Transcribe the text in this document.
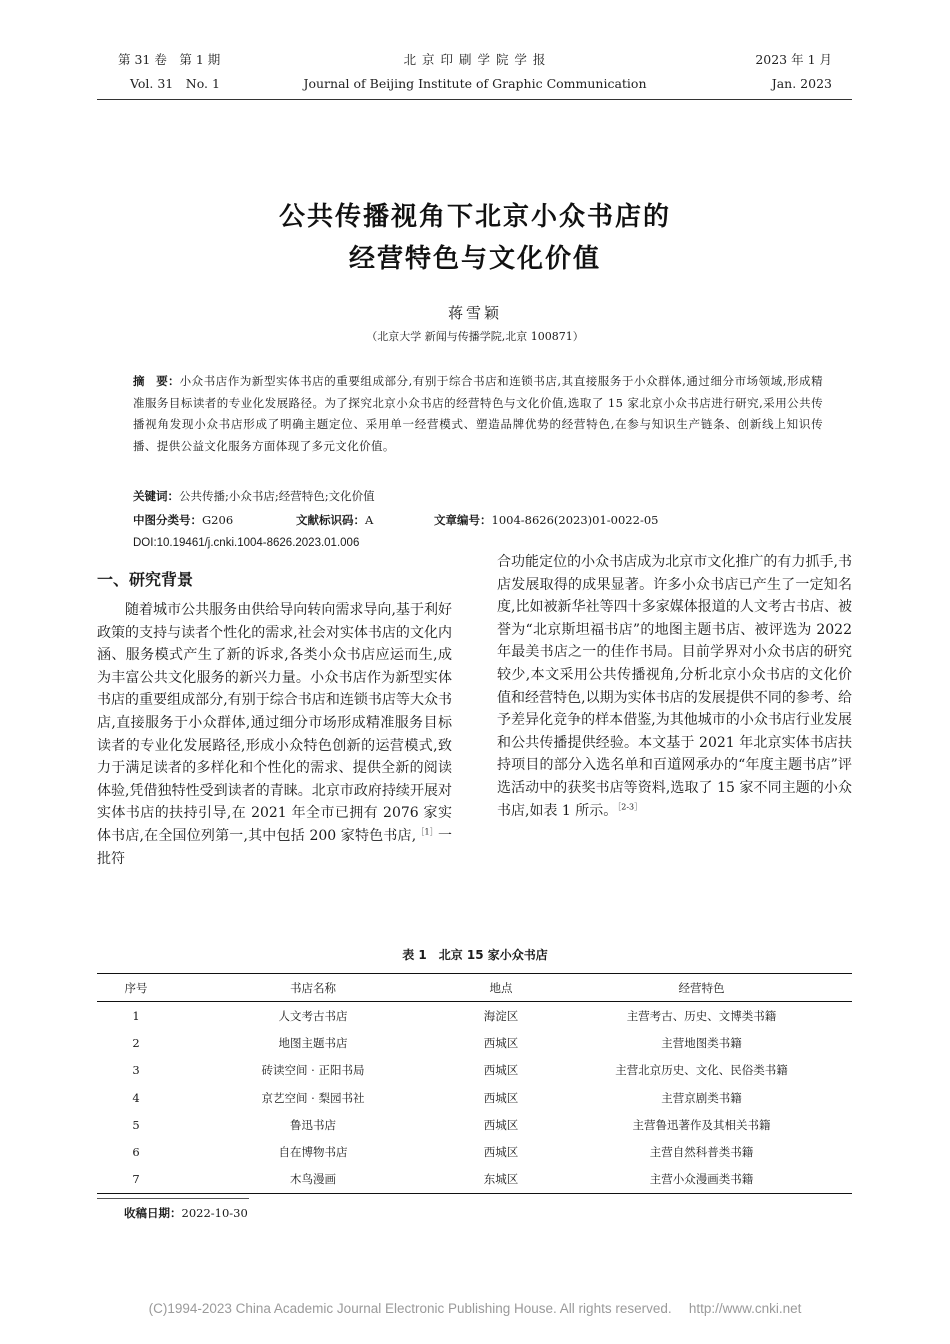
第 31 卷　第 1 期
Vol. 31　No. 1
北 京 印 刷 学 院 学 报
Journal of Beijing Institute of Graphic Communication
2023 年 1 月
Jan. 2023
公共传播视角下北京小众书店的
经营特色与文化价值
蒋雪颖
（北京大学 新闻与传播学院,北京 100871）
摘　要：小众书店作为新型实体书店的重要组成部分,有别于综合书店和连锁书店,其直接服务于小众群体,通过细分市场领域,形成精准服务目标读者的专业化发展路径。为了探究北京小众书店的经营特色与文化价值,选取了 15 家北京小众书店进行研究,采用公共传播视角发现小众书店形成了明确主题定位、采用单一经营模式、塑造品牌优势的经营特色,在参与知识生产链条、创新线上知识传播、提供公益文化服务方面体现了多元文化价值。
关键词：公共传播;小众书店;经营特色;文化价值
中图分类号：G206	文献标识码：A	文章编号：1004-8626(2023)01-0022-05
DOI:10.19461/j.cnki.1004-8626.2023.01.006
一、研究背景

随着城市公共服务由供给导向转向需求导向,基于利好政策的支持与读者个性化的需求,社会对实体书店的文化内涵、服务模式产生了新的诉求,各类小众书店应运而生,成为丰富公共文化服务的新兴力量。小众书店作为新型实体书店的重要组成部分,有别于综合书店和连锁书店等大众书店,直接服务于小众群体,通过细分市场形成精准服务目标读者的专业化发展路径,形成小众特色创新的运营模式,致力于满足读者的多样化和个性化的需求、提供全新的阅读体验,凭借独特性受到读者的青睐。北京市政府持续开展对实体书店的扶持引导,在 2021 年全市已拥有 2076 家实体书店,在全国位列第一,其中包括 200 家特色书店,$^{[1]}$一批符

合功能定位的小众书店成为北京市文化推广的有力抓手,书店发展取得的成果显著。许多小众书店已产生了一定知名度,比如被新华社等四十多家媒体报道的人文考古书店、被誉为“北京斯坦福书店”的地图主题书店、被评选为 2022 年最美书店之一的佳作书局。目前学界对小众书店的研究较少,本文采用公共传播视角,分析北京小众书店的文化价值和经营特色,以期为实体书店的发展提供不同的参考、给予差异化竞争的样本借鉴,为其他城市的小众书店行业发展和公共传播提供经验。本文基于 2021 年北京实体书店扶持项目的部分入选名单和百道网承办的“年度主题书店”评选活动中的获奖书店等资料,选取了 15 家不同主题的小众书店,如表 1 所示。$^{[2-3]}$

表 1　北京 15 家小众书店
序号	书店名称	地点	经营特色
1	人文考古书店	海淀区	主营考古、历史、文博类书籍
2	地图主题书店	西城区	主营地图类书籍
3	砖读空间 · 正阳书局	西城区	主营北京历史、文化、民俗类书籍
4	京艺空间 · 梨园书社	西城区	主营京剧类书籍
5	鲁迅书店	西城区	主营鲁迅著作及其相关书籍
6	自在博物书店	西城区	主营自然科普类书籍
7	木鸟漫画	东城区	主营小众漫画类书籍
收稿日期：2022-10-30
(C)1994-2023 China Academic Journal Electronic Publishing House. All rights reserved.　 http://www.cnki.net
